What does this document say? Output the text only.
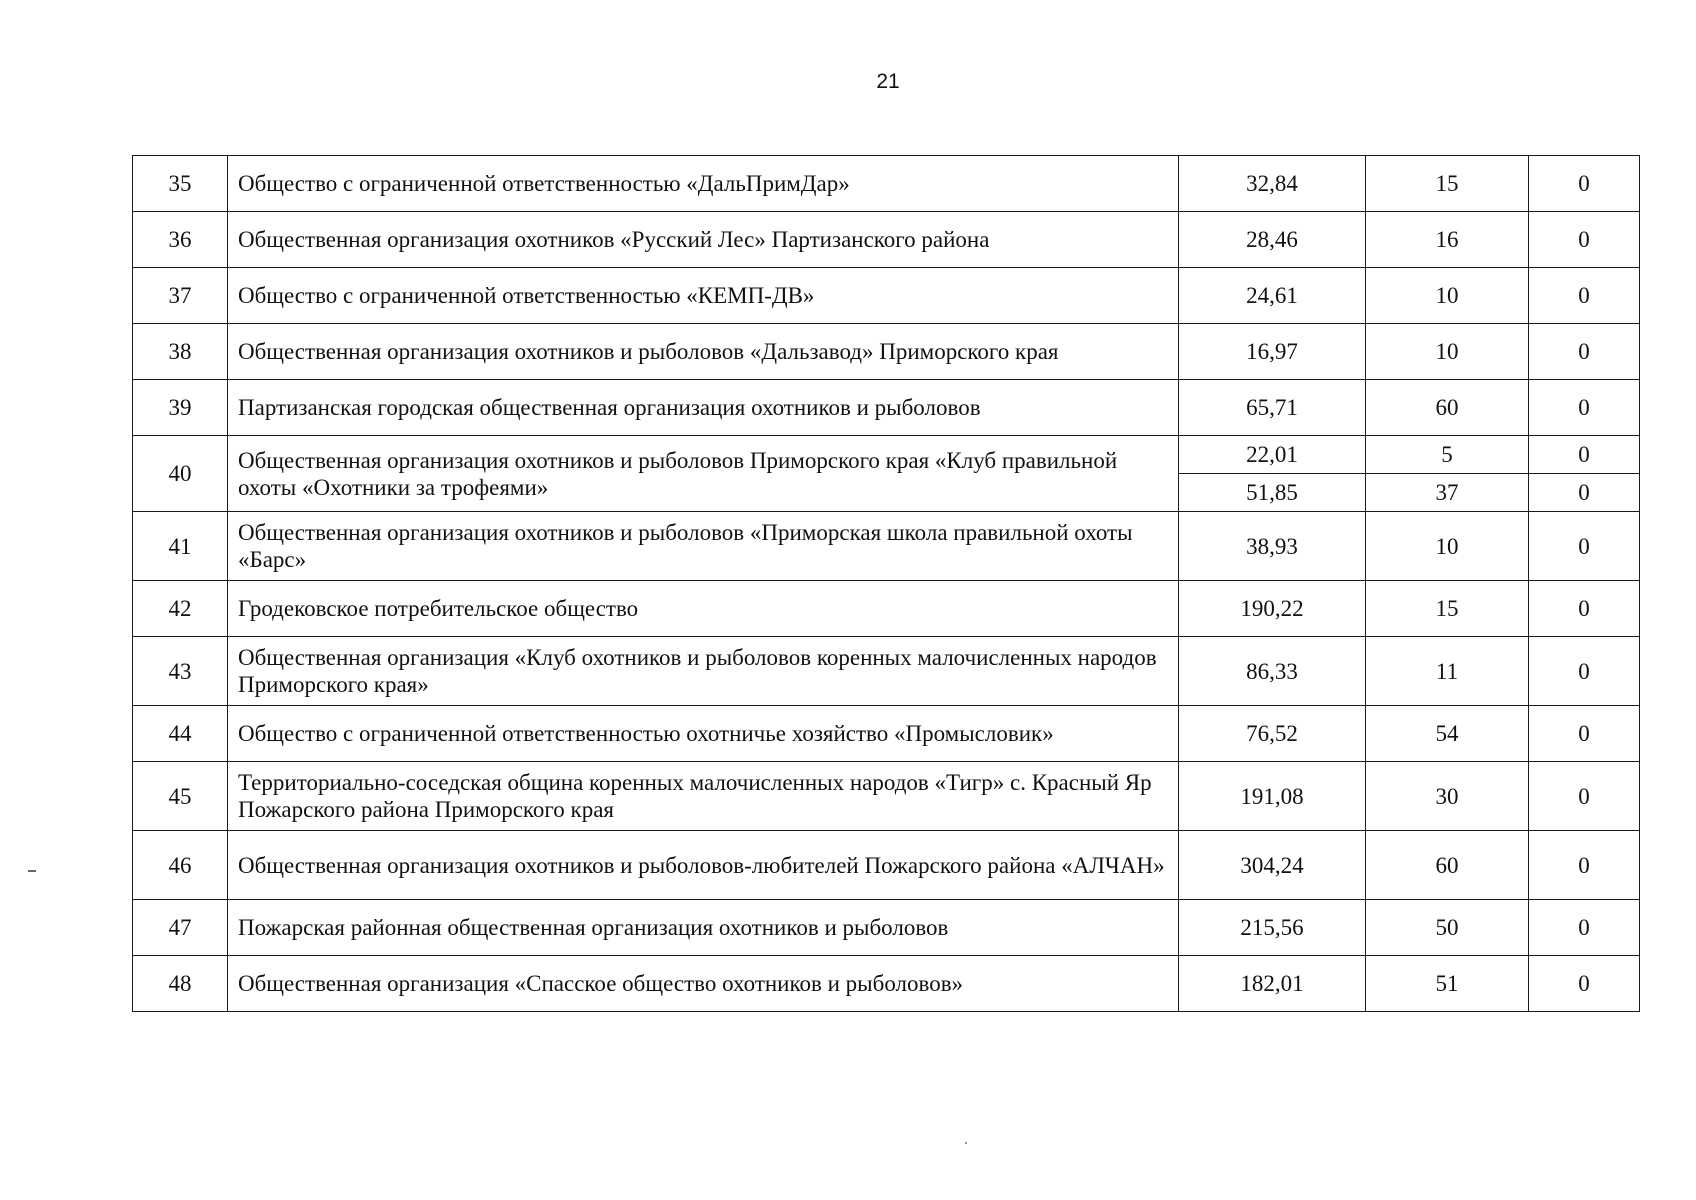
21
35	Общество с ограниченной ответственностью «ДальПримДар»	32,84	15	0
36	Общественная организация охотников «Русский Лес» Партизанского района	28,46	16	0
37	Общество с ограниченной ответственностью «КЕМП-ДВ»	24,61	10	0
38	Общественная организация охотников и рыболовов «Дальзавод» Приморского края	16,97	10	0
39	Партизанская городская общественная организация охотников и рыболовов	65,71	60	0
40	Общественная организация охотников и рыболовов Приморского края «Клуб правильной охоты «Охотники за трофеями»	22,01	5	0
		51,85	37	0
41	Общественная организация охотников и рыболовов «Приморская школа правильной охоты «Барс»	38,93	10	0
42	Гродековское потребительское общество	190,22	15	0
43	Общественная организация «Клуб охотников и рыболовов коренных малочисленных народов Приморского края»	86,33	11	0
44	Общество с ограниченной ответственностью охотничье хозяйство «Промысловик»	76,52	54	0
45	Территориально-соседская община коренных малочисленных народов «Тигр» с. Красный Яр Пожарского района Приморского края	191,08	30	0
46	Общественная организация охотников и рыболовов-любителей Пожарского района «АЛЧАН»	304,24	60	0
47	Пожарская районная общественная организация охотников и рыболовов	215,56	50	0
48	Общественная организация «Спасское общество охотников и рыболовов»	182,01	51	0
